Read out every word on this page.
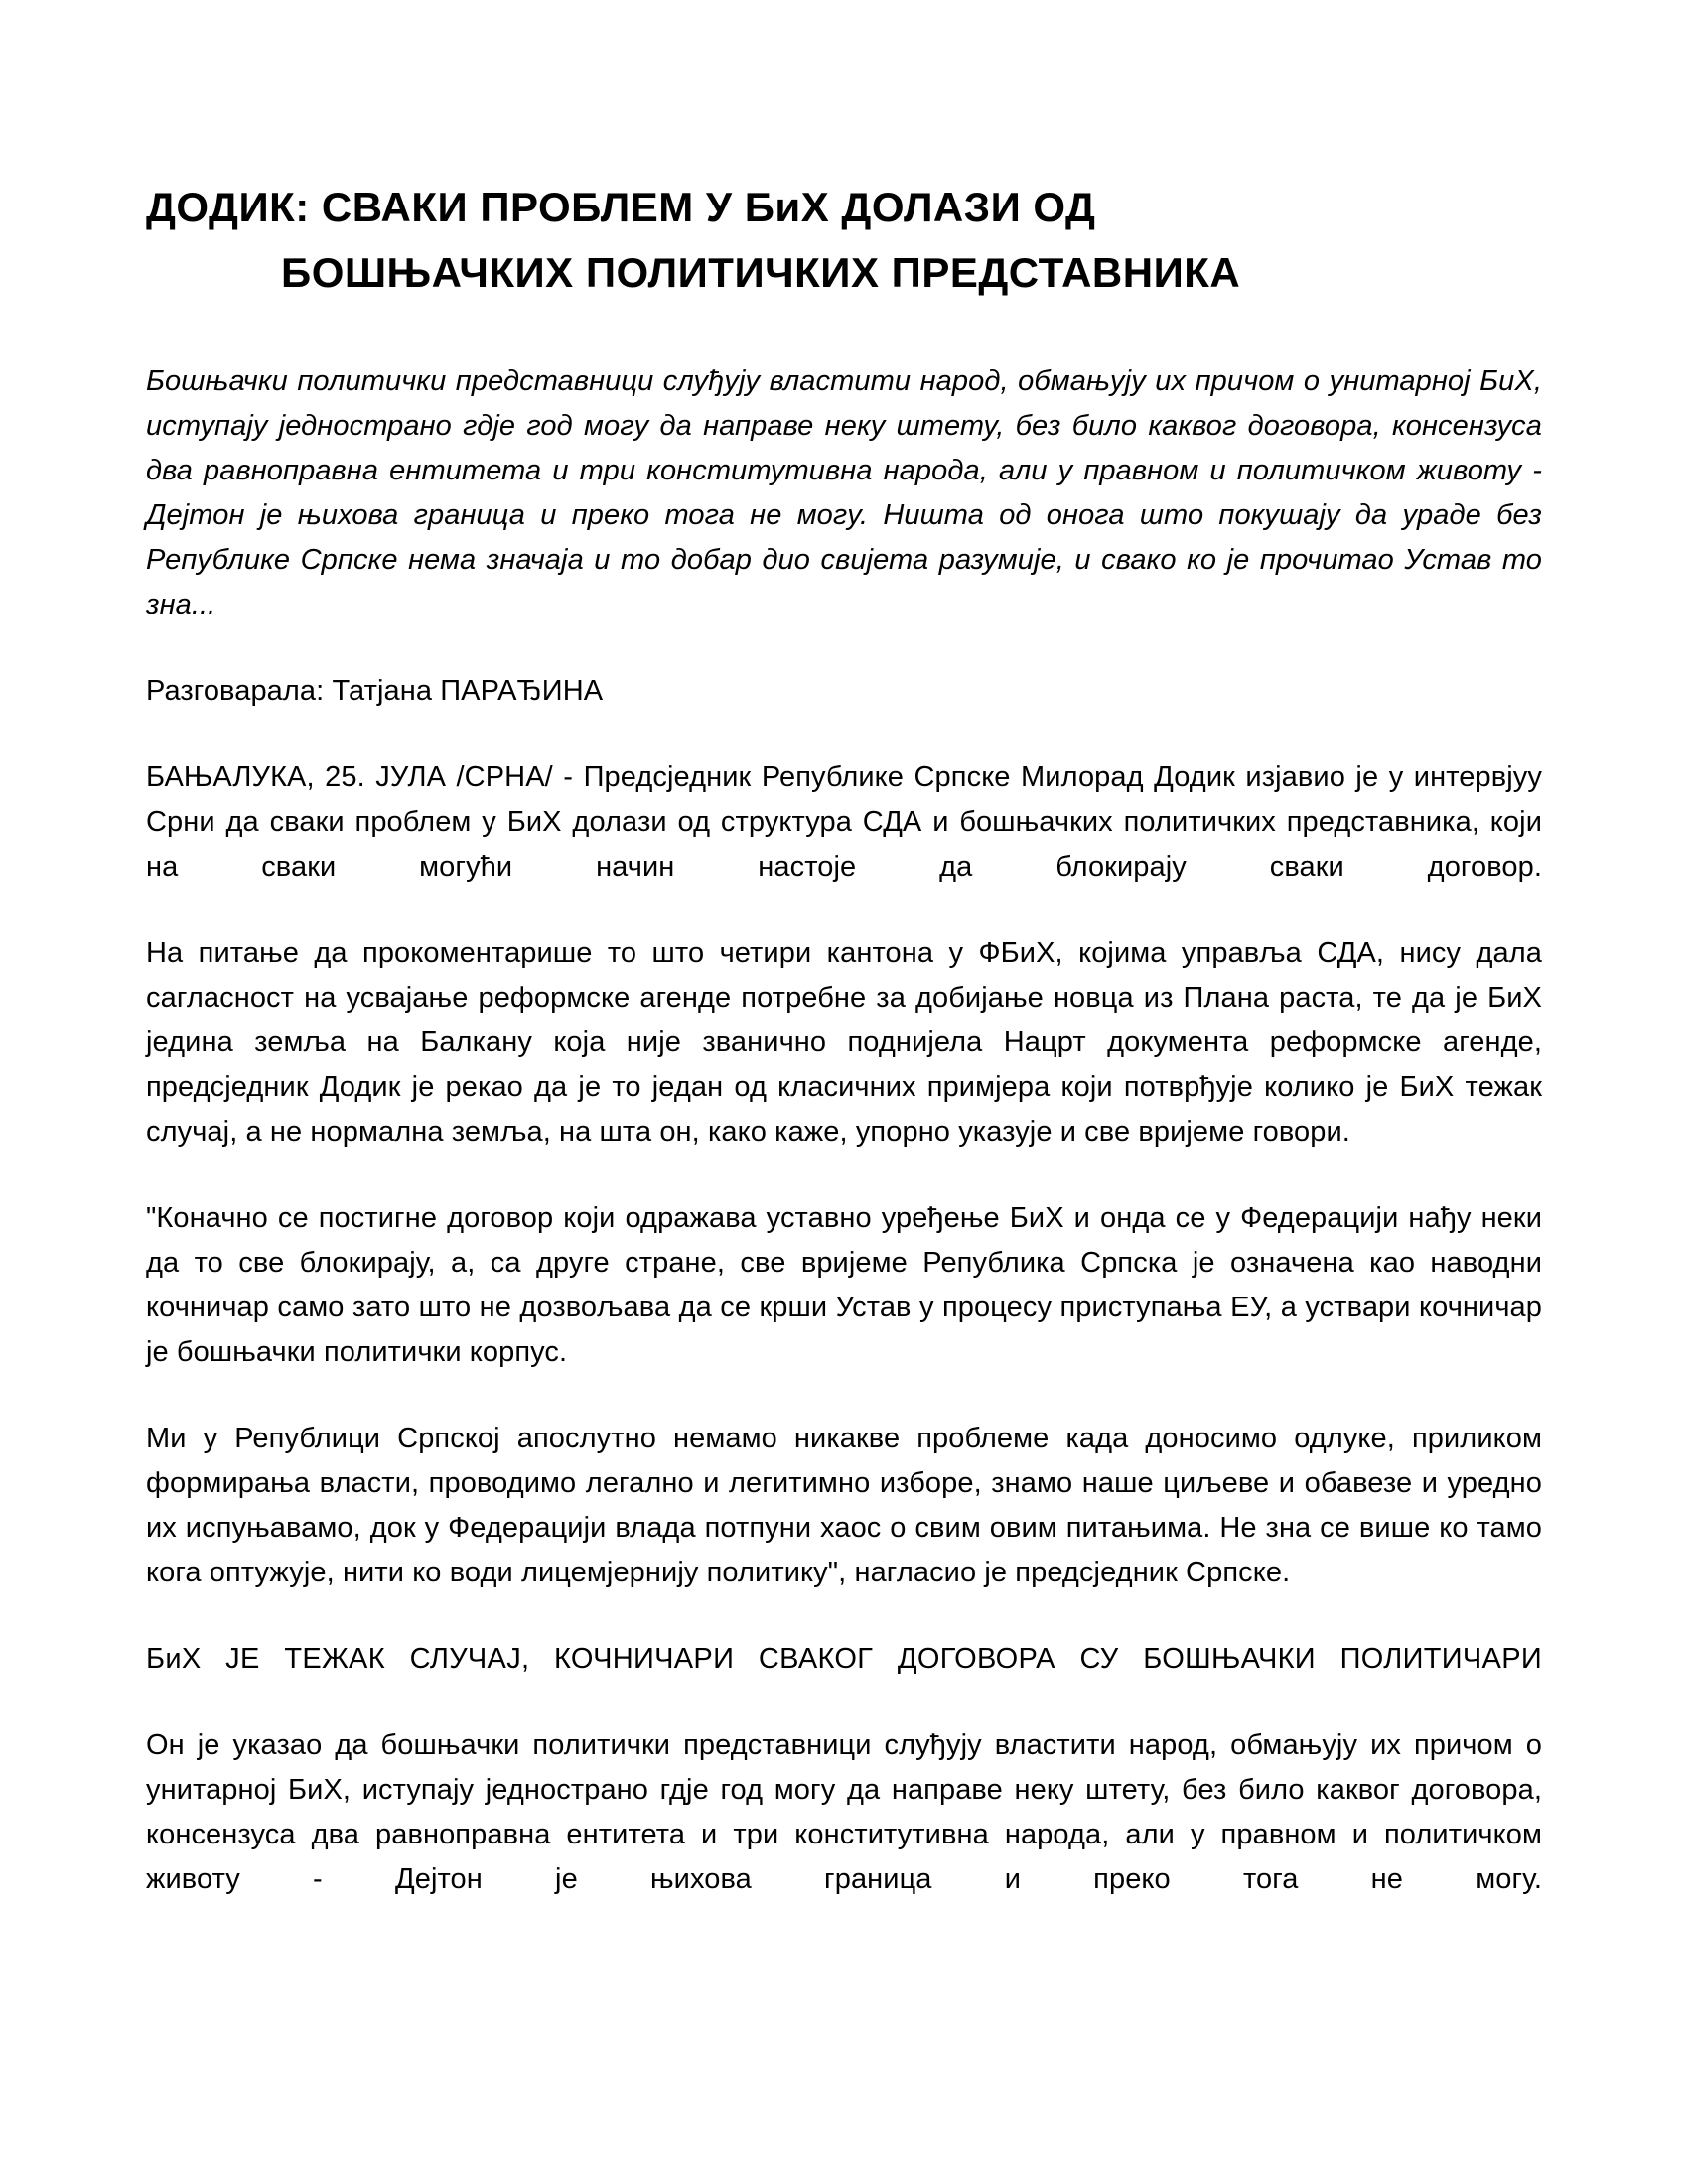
ДОДИК: СВАКИ ПРОБЛЕМ У БиХ ДОЛАЗИ ОД
БОШЊАЧКИХ ПОЛИТИЧКИХ ПРЕДСТАВНИКА

Бошњачки политички представници слуђују властити народ, обмањују их причом о унитарној БиХ, иступају једнострано гдје год могу да направе неку штету, без било каквог договора, консензуса два равноправна ентитета и три конститутивна народа, али у правном и политичком животу - Дејтон је њихова граница и преко тога не могу. Ништа од онога што покушају да ураде без Републике Српске нема значаја и то добар дио свијета разумије, и свако ко је прочитао Устав то зна...

Разговарала: Татјана ПАРАЂИНА

БАЊАЛУКА, 25. ЈУЛА /СРНА/ - Предсједник Републике Српске Милорад Додик изјавио је у интервјуу Срни да сваки проблем у БиХ долази од структура СДА и бошњачких политичких представника, који на сваки могући начин настоје да блокирају сваки договор.

На питање да прокоментарише то што четири кантона у ФБиХ, којима управља СДА, нису дала сагласност на усвајање реформске агенде потребне за добијање новца из Плана раста, те да је БиХ једина земља на Балкану која није званично поднијела Нацрт документа реформске агенде, предсједник Додик је рекао да је то један од класичних примјера који потврђује колико је БиХ тежак случај, а не нормална земља, на шта он, како каже, упорно указује и све вријеме говори.

"Коначно се постигне договор који одражава уставно уређење БиХ и онда се у Федерацији нађу неки да то све блокирају, а, са друге стране, све вријеме Република Српска је означена као наводни кочничар само зато што не дозвољава да се крши Устав у процесу приступања ЕУ, а уствари кочничар је бошњачки политички корпус.

Ми у Републици Српској апослутно немамо никакве проблеме када доносимо одлуке, приликом формирања власти, проводимо легално и легитимно изборе, знамо наше циљеве и обавезе и уредно их испуњавамо, док у Федерацији влада потпуни хаос о свим овим питањима. Не зна се више ко тамо кога оптужује, нити ко води лицемјернију политику", нагласио је предсједник Српске.

БиХ ЈЕ ТЕЖАК СЛУЧАЈ, КОЧНИЧАРИ СВАКОГ ДОГОВОРА СУ БОШЊАЧКИ ПОЛИТИЧАРИ

Он је указао да бошњачки политички представници слуђују властити народ, обмањују их причом о унитарној БиХ, иступају једнострано гдје год могу да направе неку штету, без било каквог договора, консензуса два равноправна ентитета и три конститутивна народа, али у правном и политичком животу - Дејтон је њихова граница и преко тога не могу.
